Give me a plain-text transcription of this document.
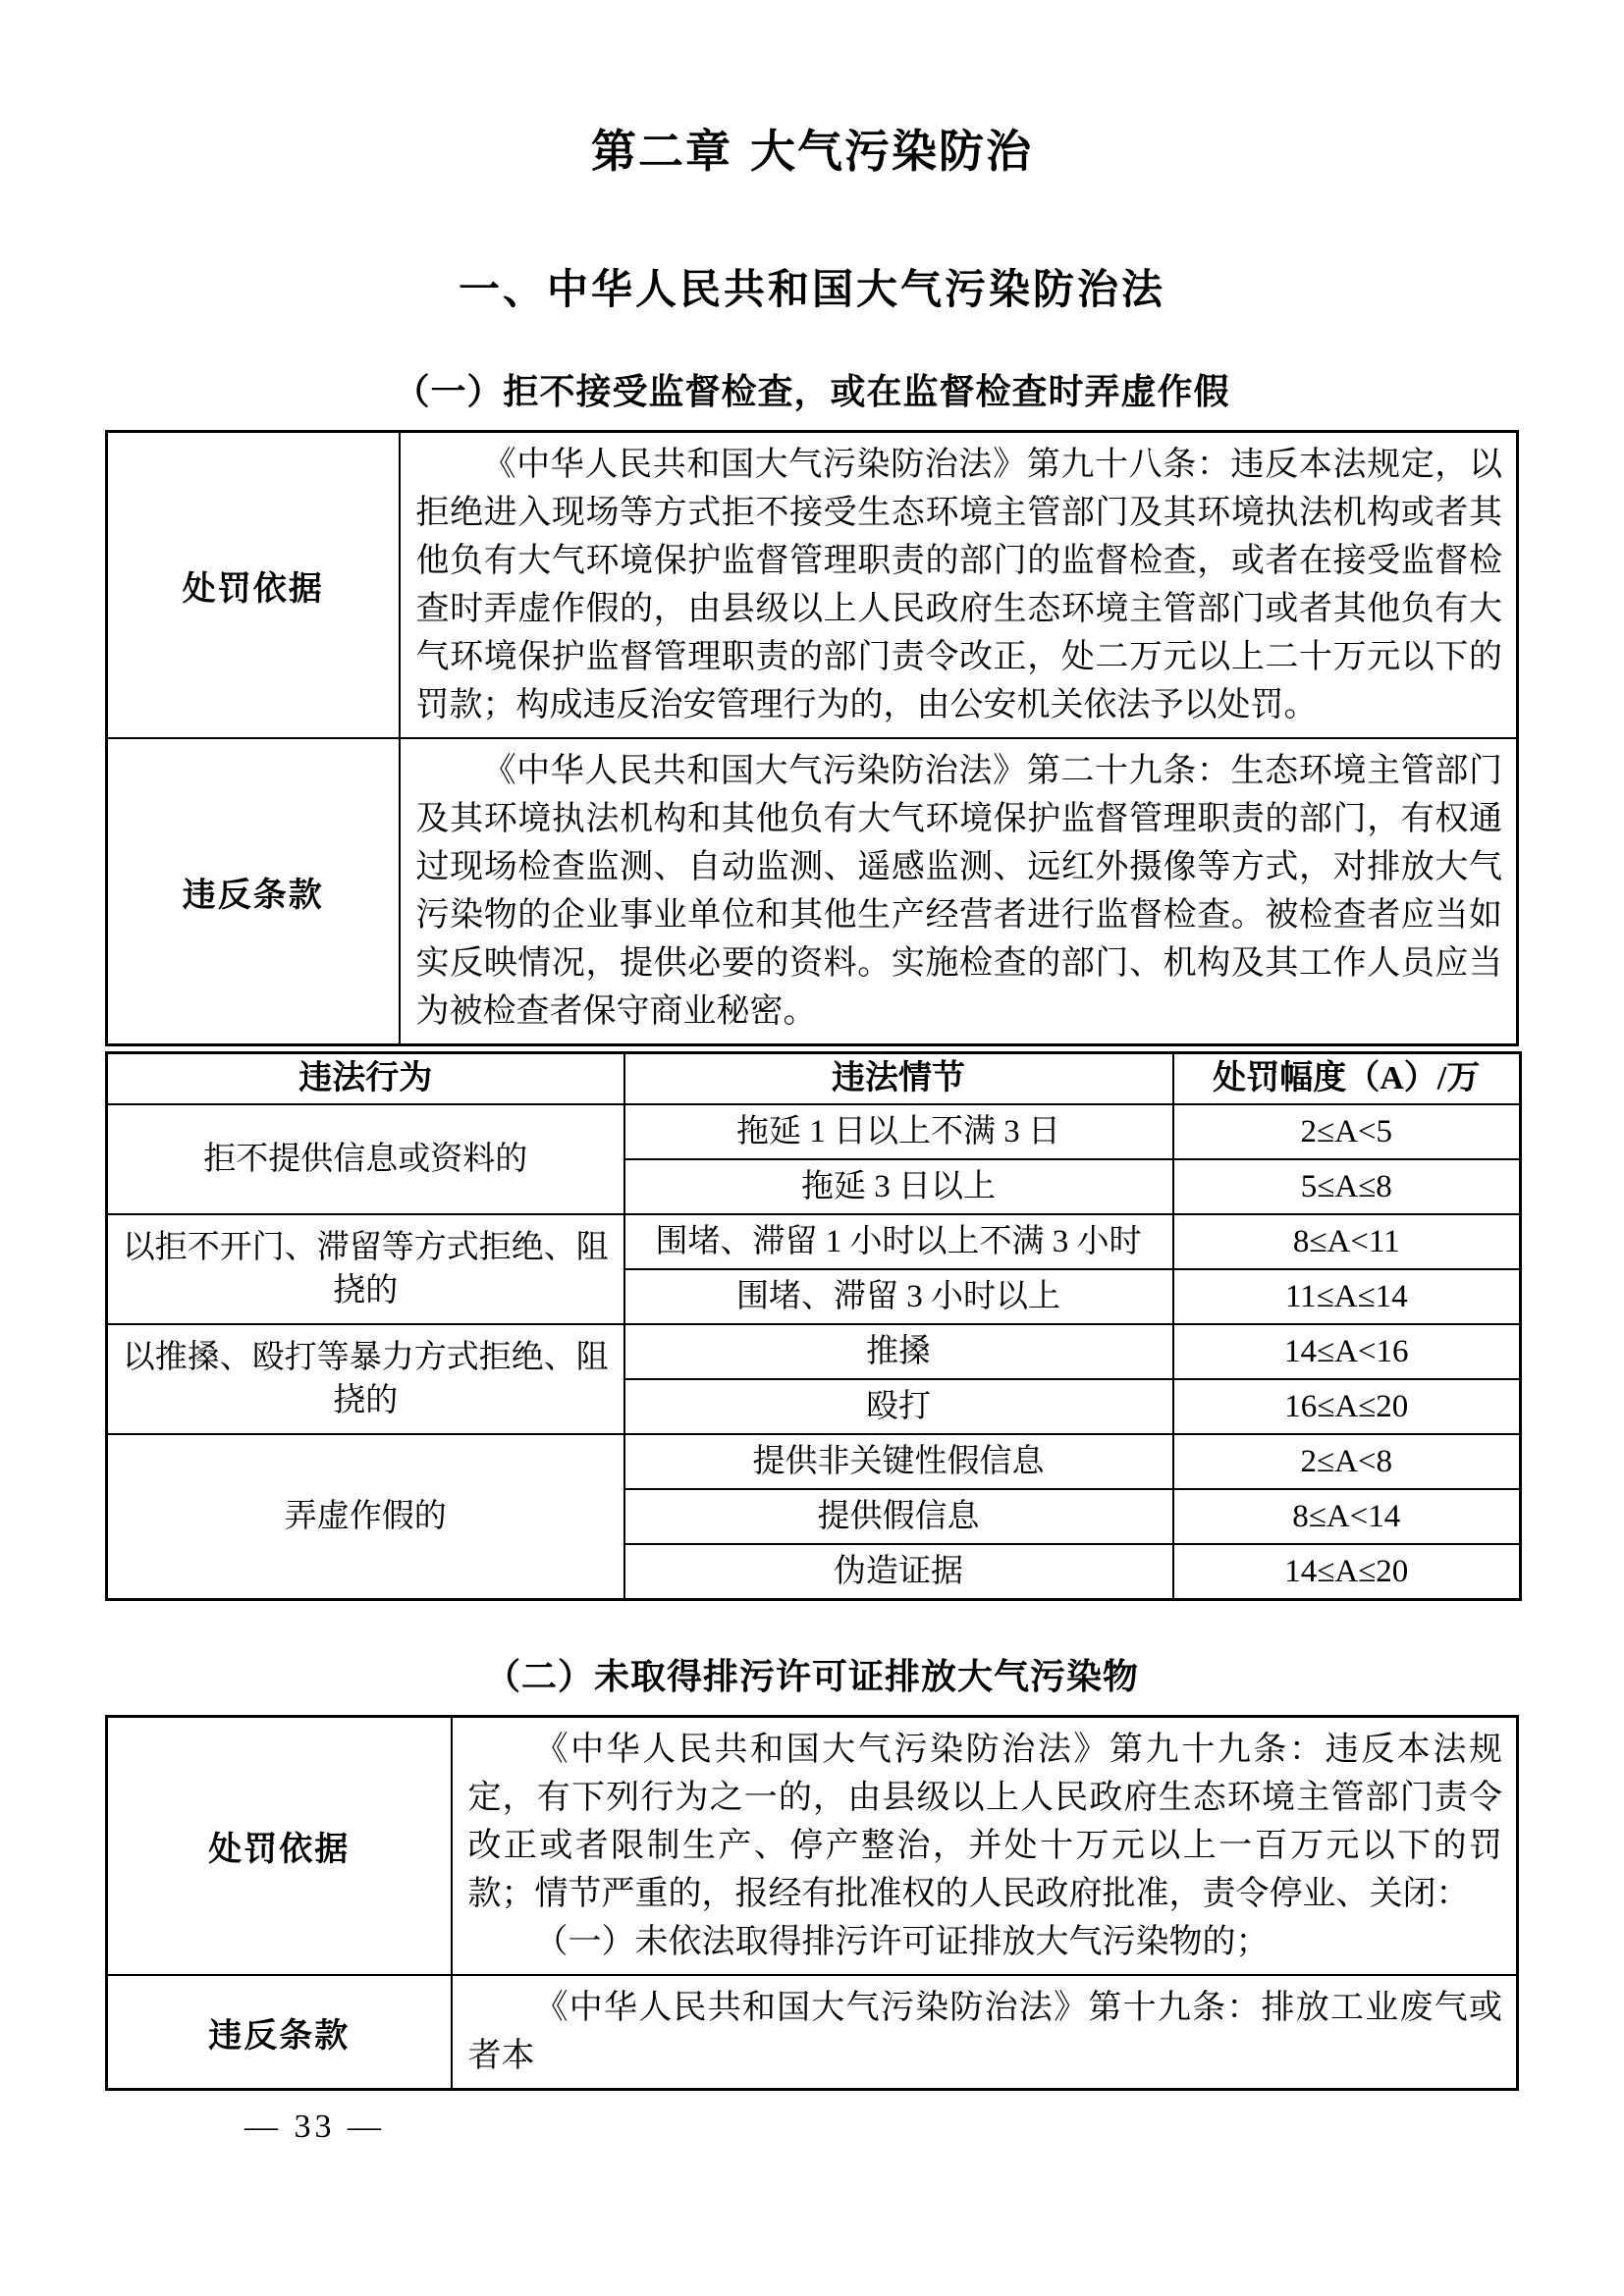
第二章 大气污染防治
一、中华人民共和国大气污染防治法
（一）拒不接受监督检查，或在监督检查时弄虚作假
处罚依据	《中华人民共和国大气污染防治法》第九十八条：违反本法规定，以拒绝进入现场等方式拒不接受生态环境主管部门及其环境执法机构或者其他负有大气环境保护监督管理职责的部门的监督检查，或者在接受监督检查时弄虚作假的，由县级以上人民政府生态环境主管部门或者其他负有大气环境保护监督管理职责的部门责令改正，处二万元以上二十万元以下的罚款；构成违反治安管理行为的，由公安机关依法予以处罚。

违反条款	《中华人民共和国大气污染防治法》第二十九条：生态环境主管部门及其环境执法机构和其他负有大气环境保护监督管理职责的部门，有权通过现场检查监测、自动监测、遥感监测、远红外摄像等方式，对排放大气污染物的企业事业单位和其他生产经营者进行监督检查。被检查者应当如实反映情况，提供必要的资料。实施检查的部门、机构及其工作人员应当为被检查者保守商业秘密。

违法行为	违法情节	处罚幅度（A）/万
拒不提供信息或资料的	拖延 1 日以上不满 3 日	2≤A<5
	拖延 3 日以上	5≤A≤8
以拒不开门、滞留等方式拒绝、阻挠的	围堵、滞留 1 小时以上不满 3 小时	8≤A<11
	围堵、滞留 3 小时以上	11≤A≤14
以推搡、殴打等暴力方式拒绝、阻挠的	推搡	14≤A<16
	殴打	16≤A≤20
弄虚作假的	提供非关键性假信息	2≤A<8
	提供假信息	8≤A<14
	伪造证据	14≤A≤20
（二）未取得排污许可证排放大气污染物
处罚依据	《中华人民共和国大气污染防治法》第九十九条：违反本法规定，有下列行为之一的，由县级以上人民政府生态环境主管部门责令改正或者限制生产、停产整治，并处十万元以上一百万元以下的罚款；情节严重的，报经有批准权的人民政府批准，责令停业、关闭：

（一）未依法取得排污许可证排放大气污染物的；

违反条款	《中华人民共和国大气污染防治法》第十九条：排放工业废气或者本

— 33 —
